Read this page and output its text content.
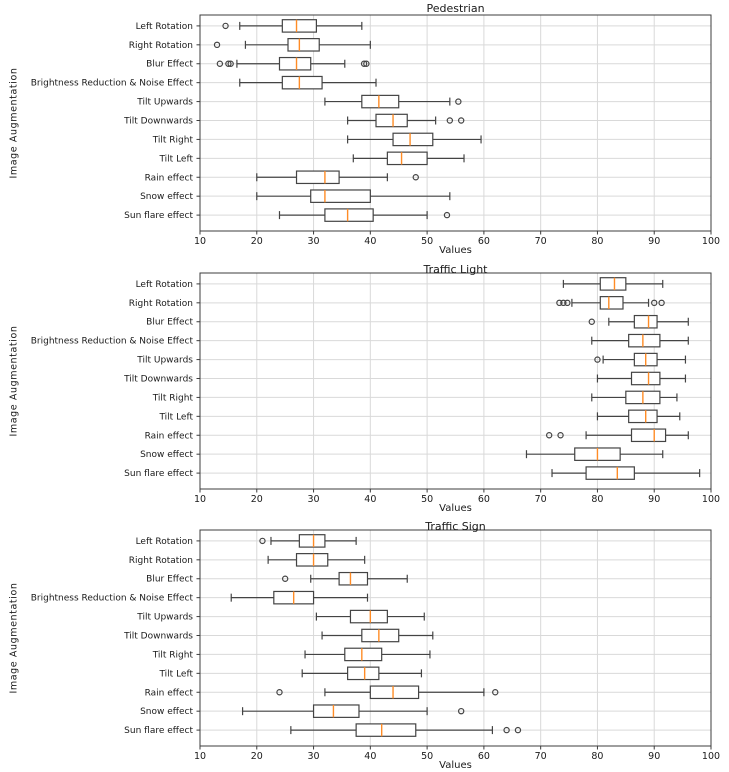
10	20	30	40	50	60	70	80	90	100
Left Rotation
Right Rotation
Blur Effect
Brightness Reduction & Noise Effect
Tilt Upwards
Tilt Downwards
Tilt Right
Tilt Left
Rain effect
Snow effect
Sun flare effect
Pedestrian
Image Augmentation
Values
10	20	30	40	50	60	70	80	90	100
Left Rotation
Right Rotation
Blur Effect
Brightness Reduction & Noise Effect
Tilt Upwards
Tilt Downwards
Tilt Right
Tilt Left
Rain effect
Snow effect
Sun flare effect
Traffic Light
Image Augmentation
Values
10	20	30	40	50	60	70	80	90	100
Left Rotation
Right Rotation
Blur Effect
Brightness Reduction & Noise Effect
Tilt Upwards
Tilt Downwards
Tilt Right
Tilt Left
Rain effect
Snow effect
Sun flare effect
Traffic Sign
Image Augmentation
Values
